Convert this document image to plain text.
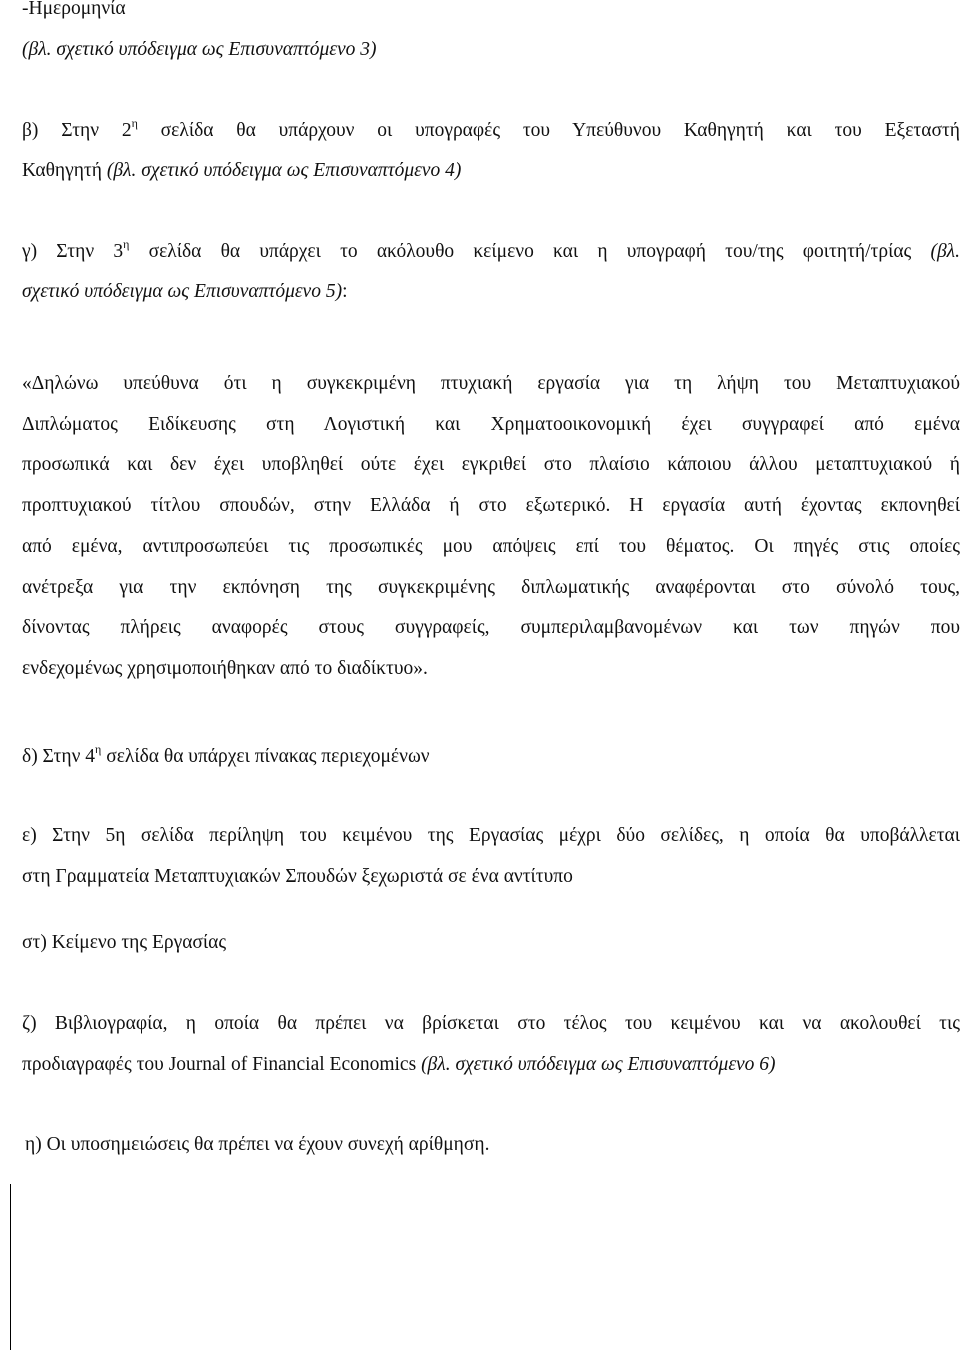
-Ημερομηνία
(βλ. σχετικό υπόδειγμα ως Επισυναπτόμενο 3)
β) Στην $2^\eta$ σελίδα θα υπάρχουν οι υπογραφές του Υπεύθυνου Καθηγητή και του Εξεταστή
Καθηγητή (βλ. σχετικό υπόδειγμα ως Επισυναπτόμενο 4)
γ) Στην $3^\eta$ σελίδα θα υπάρχει το ακόλουθο κείμενο και η υπογραφή του/της φοιτητή/τρίας (βλ.
σχετικό υπόδειγμα ως Επισυναπτόμενο 5):
«Δηλώνω υπεύθυνα ότι η συγκεκριμένη πτυχιακή εργασία για τη λήψη του Μεταπτυχιακού
Διπλώματος Ειδίκευσης στη Λογιστική και Χρηματοοικονομική έχει συγγραφεί από εμένα
προσωπικά και δεν έχει υποβληθεί ούτε έχει εγκριθεί στο πλαίσιο κάποιου άλλου μεταπτυχιακού ή
προπτυχιακού τίτλου σπουδών, στην Ελλάδα ή στο εξωτερικό. Η εργασία αυτή έχοντας εκπονηθεί
από εμένα, αντιπροσωπεύει τις προσωπικές μου απόψεις επί του θέματος. Οι πηγές στις οποίες
ανέτρεξα για την εκπόνηση της συγκεκριμένης διπλωματικής αναφέρονται στο σύνολό τους,
δίνοντας πλήρεις αναφορές στους συγγραφείς, συμπεριλαμβανομένων και των πηγών που
ενδεχομένως χρησιμοποιήθηκαν από το διαδίκτυο».
δ) Στην $4^\eta$ σελίδα θα υπάρχει πίνακας περιεχομένων
ε) Στην 5η σελίδα περίληψη του κειμένου της Εργασίας μέχρι δύο σελίδες, η οποία θα υποβάλλεται
στη Γραμματεία Μεταπτυχιακών Σπουδών ξεχωριστά σε ένα αντίτυπο
στ) Κείμενο της Εργασίας
ζ) Βιβλιογραφία, η οποία θα πρέπει να βρίσκεται στο τέλος του κειμένου και να ακολουθεί τις
προδιαγραφές του Journal of Financial Economics (βλ. σχετικό υπόδειγμα ως Επισυναπτόμενο 6)
η) Οι υποσημειώσεις θα πρέπει να έχουν συνεχή αρίθμηση.
